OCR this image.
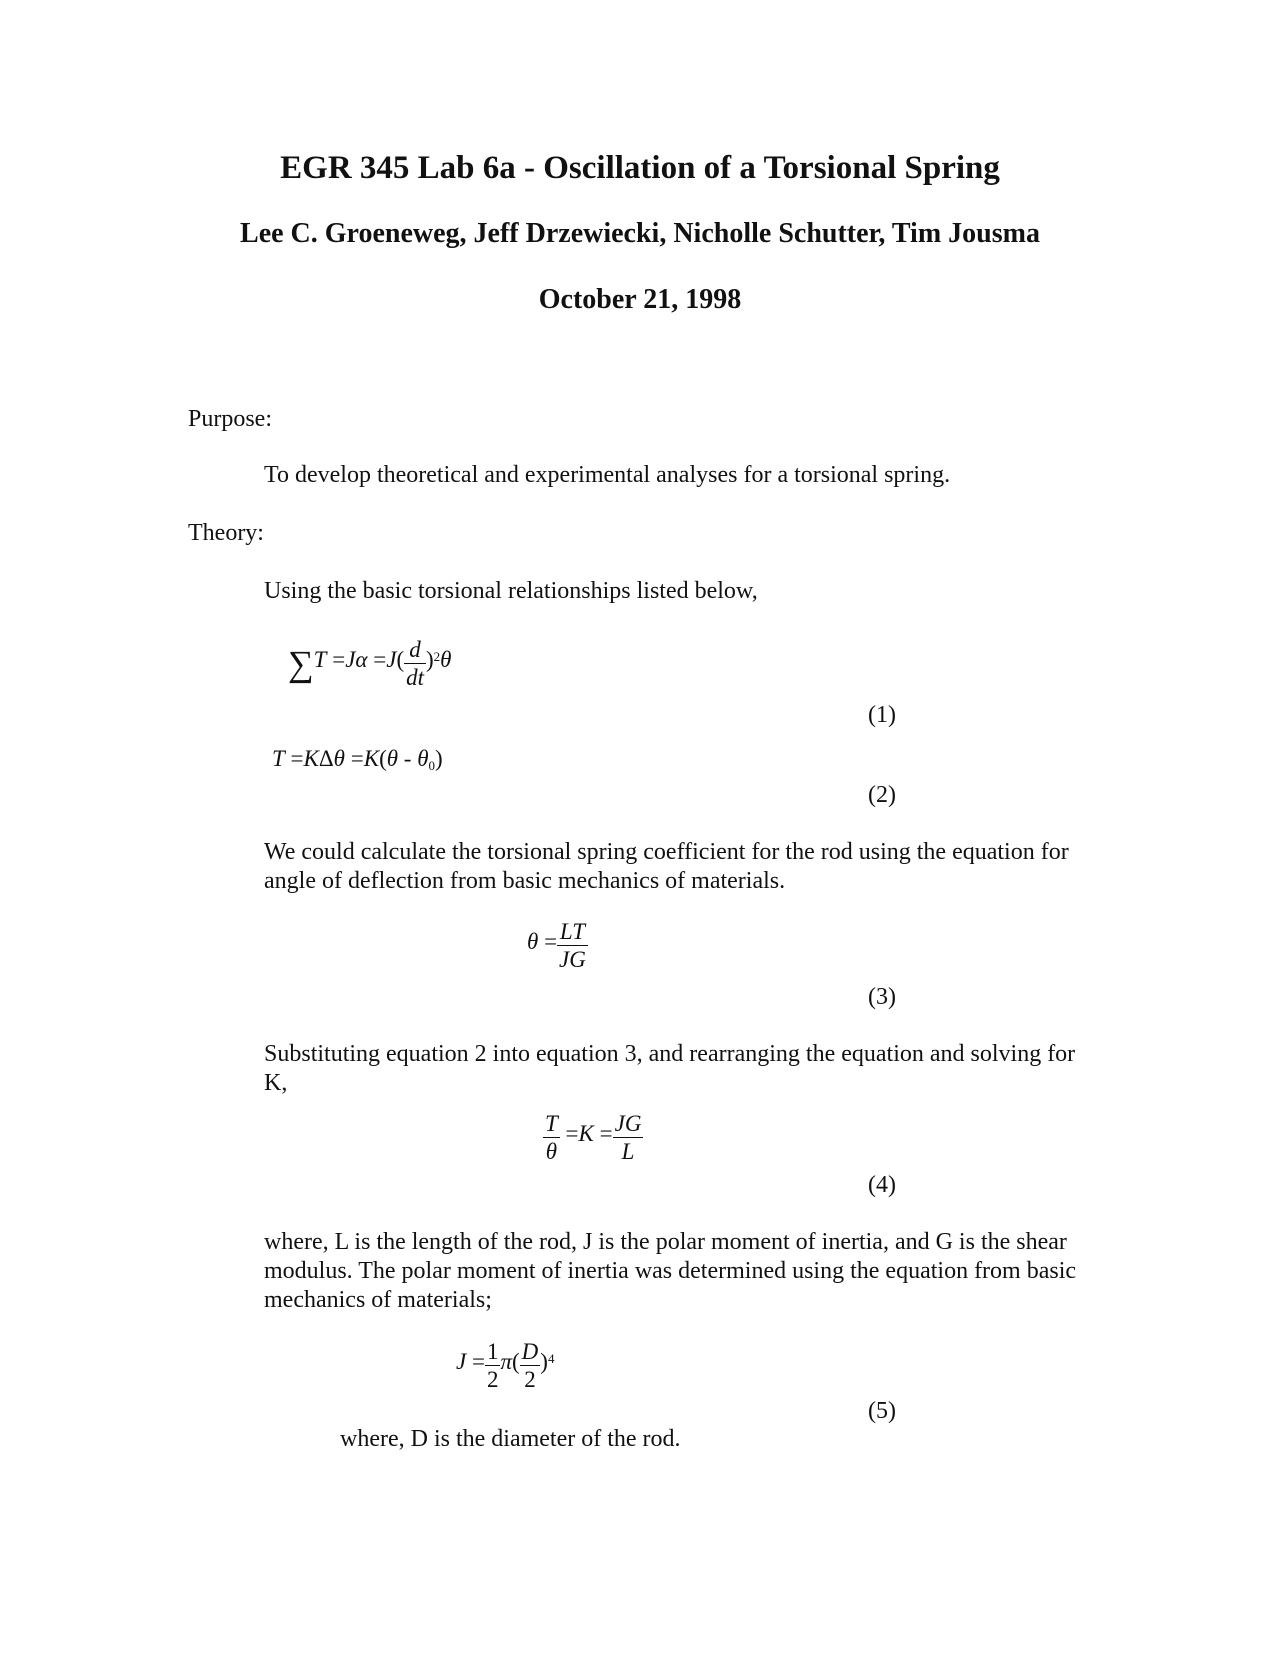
EGR 345 Lab 6a - Oscillation of a Torsional Spring
Lee C. Groeneweg, Jeff Drzewiecki, Nicholle Schutter, Tim Jousma
October 21, 1998
Purpose:
To develop theoretical and experimental analyses for a torsional spring.
Theory:
Using the basic torsional relationships listed below,
$\sum T =J\alpha =J( \frac{d}{dt} )^2\theta$
(1)
$T =K\Delta\theta =K(\theta - \theta_0)$
(2)
We could calculate the torsional spring coefficient for the rod using the equation for angle of deflection from basic mechanics of materials.
$\theta = \frac{LT}{JG}$
(3)
Substituting equation 2 into equation 3, and rearranging the equation and solving for K,
$\frac{T}{\theta} =K = \frac{JG}{L}$
(4)
where, L is the length of the rod, J is the polar moment of inertia, and G is the shear modulus. The polar moment of inertia was determined using the equation from basic mechanics of materials;
$J = \frac{1}{2} \pi( \frac{D}{2} )^4$
(5)
where, D is the diameter of the rod.
